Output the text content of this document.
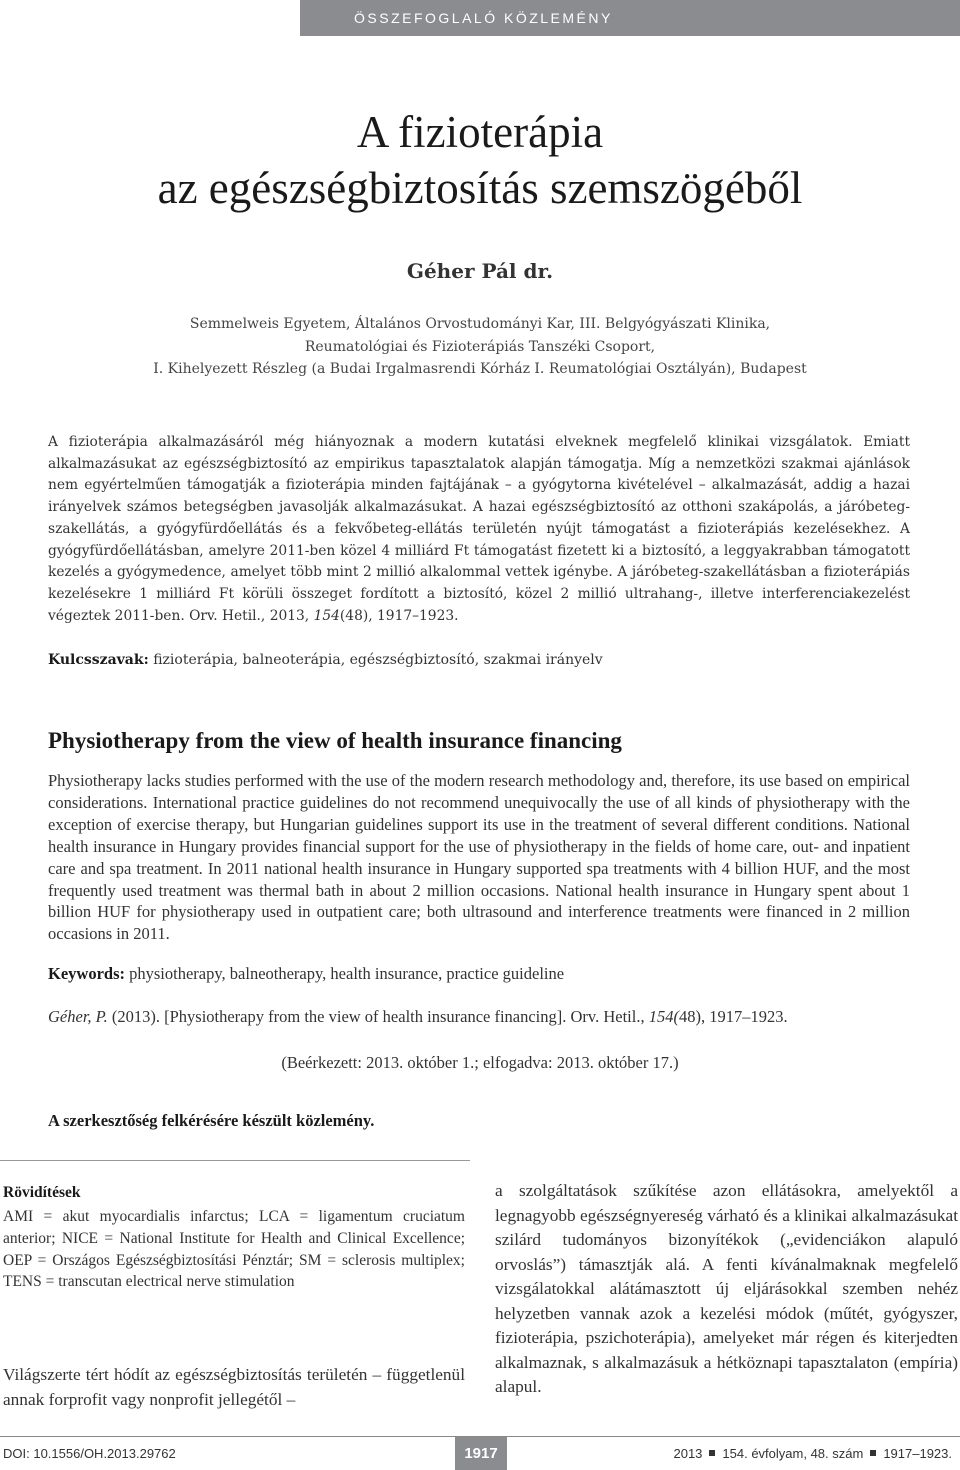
ÖSSZEFOGLALÓ KÖZLEMÉNY
A fizioterápia
az egészségbiztosítás szemszögéből
Géher Pál dr.
Semmelweis Egyetem, Általános Orvostudományi Kar, III. Belgyógyászati Klinika,
Reumatológiai és Fizioterápiás Tanszéki Csoport,
I. Kihelyezett Részleg (a Budai Irgalmasrendi Kórház I. Reumatológiai Osztályán), Budapest
A fizioterápia alkalmazásáról még hiányoznak a modern kutatási elveknek megfelelő klinikai vizsgálatok. Emiatt alkalmazásukat az egészségbiztosító az empirikus tapasztalatok alapján támogatja. Míg a nemzetközi szakmai ajánlások nem egyértelműen támogatják a fizioterápia minden fajtájának – a gyógytorna kivételével – alkalmazását, addig a hazai irányelvek számos betegségben javasolják alkalmazásukat. A hazai egészségbiztosító az otthoni szakápolás, a járóbeteg-szakellátás, a gyógyfürdőellátás és a fekvőbeteg-ellátás területén nyújt támogatást a fizioterápiás kezelésekhez. A gyógyfürdőellátásban, amelyre 2011-ben közel 4 milliárd Ft támogatást fizetett ki a biztosító, a leggyakrabban támogatott kezelés a gyógymedence, amelyet több mint 2 millió alkalommal vettek igénybe. A járóbeteg-szakellátásban a fizioterápiás kezelésekre 1 milliárd Ft körüli összeget fordított a biztosító, közel 2 millió ultrahang-, illetve interferenciakezelést végeztek 2011-ben. Orv. Hetil., 2013, 154(48), 1917–1923.
Kulcsszavak: fizioterápia, balneoterápia, egészségbiztosító, szakmai irányelv
Physiotherapy from the view of health insurance financing
Physiotherapy lacks studies performed with the use of the modern research methodology and, therefore, its use based on empirical considerations. International practice guidelines do not recommend unequivocally the use of all kinds of physiotherapy with the exception of exercise therapy, but Hungarian guidelines support its use in the treatment of several different conditions. National health insurance in Hungary provides financial support for the use of physiotherapy in the fields of home care, out- and inpatient care and spa treatment. In 2011 national health insurance in Hungary supported spa treatments with 4 billion HUF, and the most frequently used treatment was thermal bath in about 2 million occasions. National health insurance in Hungary spent about 1 billion HUF for physiotherapy used in outpatient care; both ultrasound and interference treatments were financed in 2 million occasions in 2011.
Keywords: physiotherapy, balneotherapy, health insurance, practice guideline
Géher, P. (2013). [Physiotherapy from the view of health insurance financing]. Orv. Hetil., 154(48), 1917–1923.
(Beérkezett: 2013. október 1.; elfogadva: 2013. október 17.)
A szerkesztőség felkérésére készült közlemény.
Rövidítések
AMI = akut myocardialis infarctus; LCA = ligamentum cruciatum anterior; NICE = National Institute for Health and Clinical Excellence; OEP = Országos Egészségbiztosítási Pénztár; SM = sclerosis multiplex; TENS = transcutan electrical nerve stimulation
Világszerte tért hódít az egészségbiztosítás területén – függetlenül annak forprofit vagy nonprofit jellegétől –
a szolgáltatások szűkítése azon ellátásokra, amelyektől a legnagyobb egészségnyereség várható és a klinikai alkalmazásukat szilárd tudományos bizonyítékok („evidenciákon alapuló orvoslás”) támasztják alá. A fenti kívánalmaknak megfelelő vizsgálatokkal alátámasztott új eljárásokkal szemben nehéz helyzetben vannak azok a kezelési módok (műtét, gyógyszer, fizioterápia, pszichoterápia), amelyeket már régen és kiterjedten alkalmaznak, s alkalmazásuk a hétköznapi tapasztalaton (empíria) alapul.
DOI: 10.1556/OH.2013.29762	1917	2013 154. évfolyam, 48. szám 1917–1923.
